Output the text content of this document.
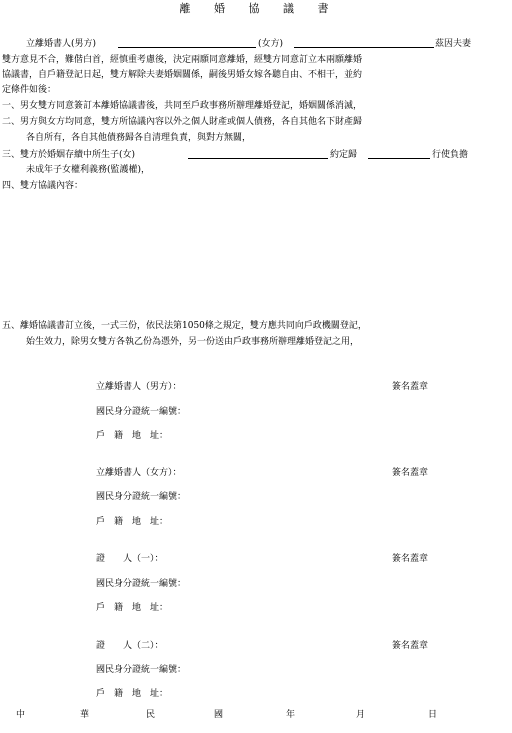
離 婚 協 議 書
立離婚書人(男方)	(女方)	茲因夫妻
雙方意見不合，難偕白首，經慎重考慮後，決定兩願同意離婚，經雙方同意訂立本兩願離婚
協議書，自戶籍登記日起，雙方解除夫妻婚姻關係，嗣後男婚女嫁各聽自由、不相干，並約
定條件如後：
一、男女雙方同意簽訂本離婚協議書後，共同至戶政事務所辦理離婚登記，婚姻關係消滅，
二、男方與女方均同意，雙方所協議內容以外之個人財產或個人債務，各自其他名下財產歸
各自所有，各自其他債務歸各自清理負責，與對方無關，
三、雙方於婚姻存續中所生子(女)	約定歸	行使負擔
未成年子女權利義務(監護權)，
四、雙方協議內容：
五、離婚協議書訂立後，一式三份，依民法第1050條之規定，雙方應共同向戶政機關登記，
始生效力，除男女雙方各執乙份為憑外，另一份送由戶政事務所辦理離婚登記之用，
立離婚書人（男方）：	簽名蓋章
國民身分證統一編號：
戶　籍　地　址：
立離婚書人（女方）：	簽名蓋章
國民身分證統一編號：
戶　籍　地　址：
證　　人（一）：	簽名蓋章
國民身分證統一編號：
戶　籍　地　址：
證　　人（二）：	簽名蓋章
國民身分證統一編號：
戶　籍　地　址：
中	華	民	國	年	月	日
